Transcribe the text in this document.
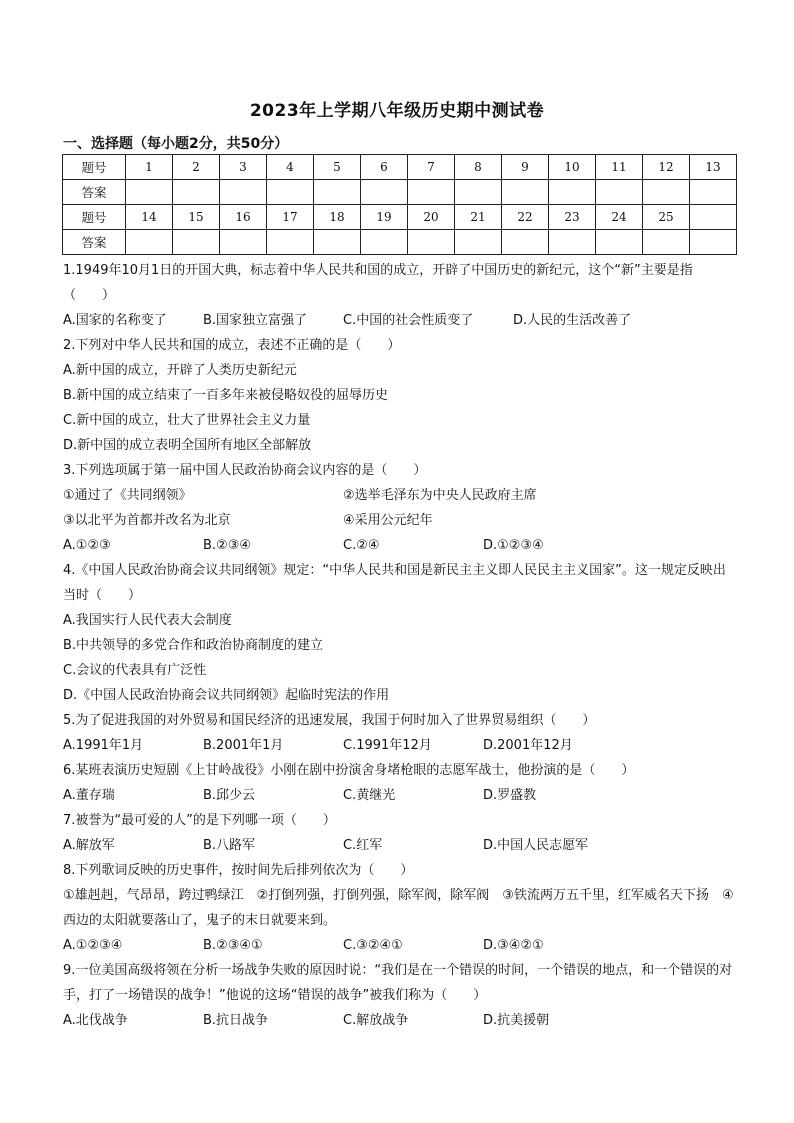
2023年上学期八年级历史期中测试卷
一、选择题（每小题2分，共50分）
题号	1	2	3	4	5	6	7	8	9	10	11	12	13
答案													
题号	14	15	16	17	18	19	20	21	22	23	24	25	
答案													
1.1949年10月1日的开国大典，标志着中华人民共和国的成立，开辟了中国历史的新纪元，这个“新”主要是指（　　）
A.国家的名称变了	B.国家独立富强了	C.中国的社会性质变了	D.人民的生活改善了
2.下列对中华人民共和国的成立，表述不正确的是（　　）
A.新中国的成立，开辟了人类历史新纪元
B.新中国的成立结束了一百多年来被侵略奴役的屈辱历史
C.新中国的成立，壮大了世界社会主义力量
D.新中国的成立表明全国所有地区全部解放
3.下列选项属于第一届中国人民政治协商会议内容的是（　　）
①通过了《共同纲领》	②选举毛泽东为中央人民政府主席
③以北平为首都并改名为北京	④采用公元纪年
A.①②③	B.②③④	C.②④	D.①②③④
4.《中国人民政治协商会议共同纲领》规定：“中华人民共和国是新民主主义即人民民主主义国家”。这一规定反映出当时（　　）
A.我国实行人民代表大会制度
B.中共领导的多党合作和政治协商制度的建立
C.会议的代表具有广泛性
D.《中国人民政治协商会议共同纲领》起临时宪法的作用
5.为了促进我国的对外贸易和国民经济的迅速发展，我国于何时加入了世界贸易组织（　　）
A.1991年1月	B.2001年1月	C.1991年12月	D.2001年12月
6.某班表演历史短剧《上甘岭战役》小刚在剧中扮演舍身堵枪眼的志愿军战士，他扮演的是（　　）
A.董存瑞	B.邱少云	C.黄继光	D.罗盛教
7.被誉为“最可爱的人”的是下列哪一项（　　）
A.解放军	B.八路军	C.红军	D.中国人民志愿军
8.下列歌词反映的历史事件，按时间先后排列依次为（　　）
①雄赳赳，气昂昂，跨过鸭绿江　②打倒列强，打倒列强，除军阀，除军阀　③铁流两万五千里，红军威名天下扬　④西边的太阳就要落山了，鬼子的末日就要来到。
A.①②③④	B.②③④①	C.③②④①	D.③④②①
9.一位美国高级将领在分析一场战争失败的原因时说：“我们是在一个错误的时间，一个错误的地点，和一个错误的对手，打了一场错误的战争！”他说的这场“错误的战争”被我们称为（　　）
A.北伐战争	B.抗日战争	C.解放战争	D.抗美援朝
